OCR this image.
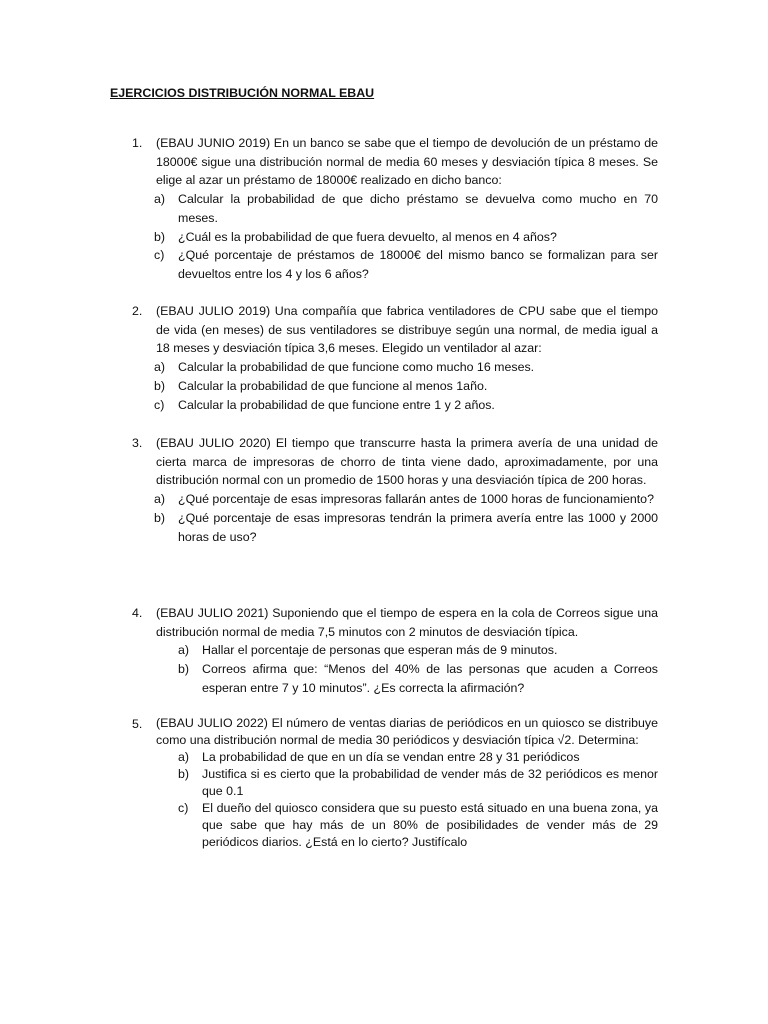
EJERCICIOS DISTRIBUCIÓN NORMAL EBAU
1. (EBAU JUNIO 2019) En un banco se sabe que el tiempo de devolución de un préstamo de 18000€ sigue una distribución normal de media 60 meses y desviación típica 8 meses. Se elige al azar un préstamo de 18000€ realizado en dicho banco:
a) Calcular la probabilidad de que dicho préstamo se devuelva como mucho en 70 meses.
b) ¿Cuál es la probabilidad de que fuera devuelto, al menos en 4 años?
c) ¿Qué porcentaje de préstamos de 18000€ del mismo banco se formalizan para ser devueltos entre los 4 y los 6 años?
2. (EBAU JULIO 2019) Una compañía que fabrica ventiladores de CPU sabe que el tiempo de vida (en meses) de sus ventiladores se distribuye según una normal, de media igual a 18 meses y desviación típica 3,6 meses. Elegido un ventilador al azar:
a) Calcular la probabilidad de que funcione como mucho 16 meses.
b) Calcular la probabilidad de que funcione al menos 1año.
c) Calcular la probabilidad de que funcione entre 1 y 2 años.
3. (EBAU JULIO 2020) El tiempo que transcurre hasta la primera avería de una unidad de cierta marca de impresoras de chorro de tinta viene dado, aproximadamente, por una distribución normal con un promedio de 1500 horas y una desviación típica de 200 horas.
a) ¿Qué porcentaje de esas impresoras fallarán antes de 1000 horas de funcionamiento?
b) ¿Qué porcentaje de esas impresoras tendrán la primera avería entre las 1000 y 2000 horas de uso?
4. (EBAU JULIO 2021) Suponiendo que el tiempo de espera en la cola de Correos sigue una distribución normal de media 7,5 minutos con 2 minutos de desviación típica.
a) Hallar el porcentaje de personas que esperan más de 9 minutos.
b) Correos afirma que: “Menos del 40% de las personas que acuden a Correos esperan entre 7 y 10 minutos”. ¿Es correcta la afirmación?
5. (EBAU JULIO 2022) El número de ventas diarias de periódicos en un quiosco se distribuye como una distribución normal de media 30 periódicos y desviación típica √2. Determina:
a) La probabilidad de que en un día se vendan entre 28 y 31 periódicos
b) Justifica si es cierto que la probabilidad de vender más de 32 periódicos es menor que 0.1
c) El dueño del quiosco considera que su puesto está situado en una buena zona, ya que sabe que hay más de un 80% de posibilidades de vender más de 29 periódicos diarios. ¿Está en lo cierto? Justifícalo
